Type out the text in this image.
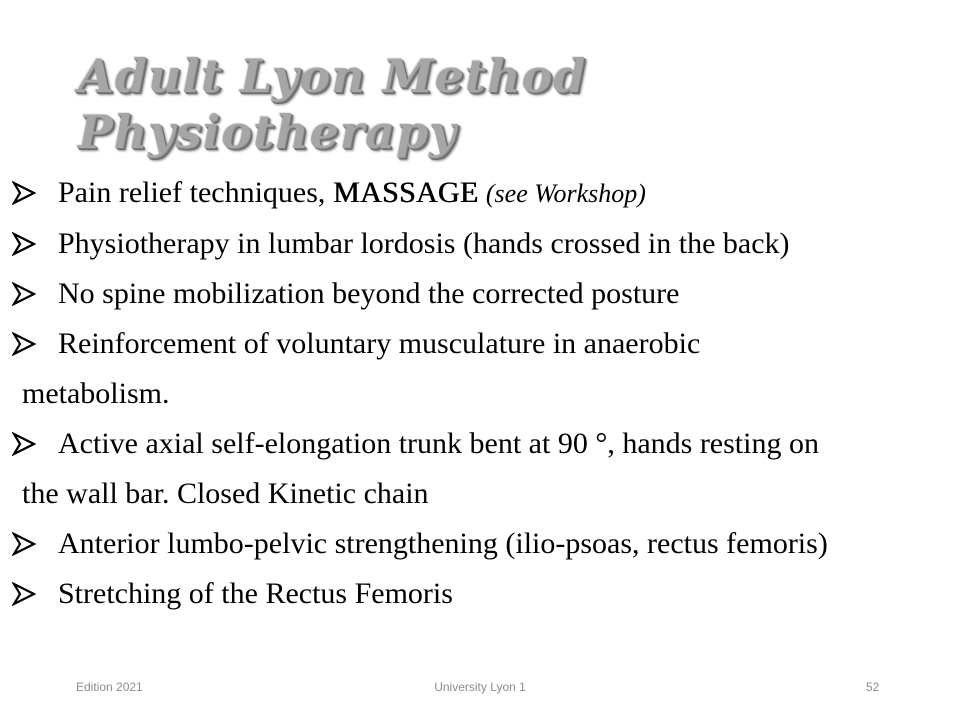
Adult Lyon Method
Physiotherapy
Pain relief techniques, MASSAGE (see Workshop)
Physiotherapy in lumbar lordosis (hands crossed in the back)
No spine mobilization beyond the corrected posture
Reinforcement of voluntary musculature in anaerobic
metabolism.
Active axial self-elongation trunk bent at 90 °, hands resting on
the wall bar. Closed Kinetic chain
Anterior lumbo-pelvic strengthening (ilio-psoas, rectus femoris)
Stretching of the Rectus Femoris
Edition 2021	University Lyon 1	52
